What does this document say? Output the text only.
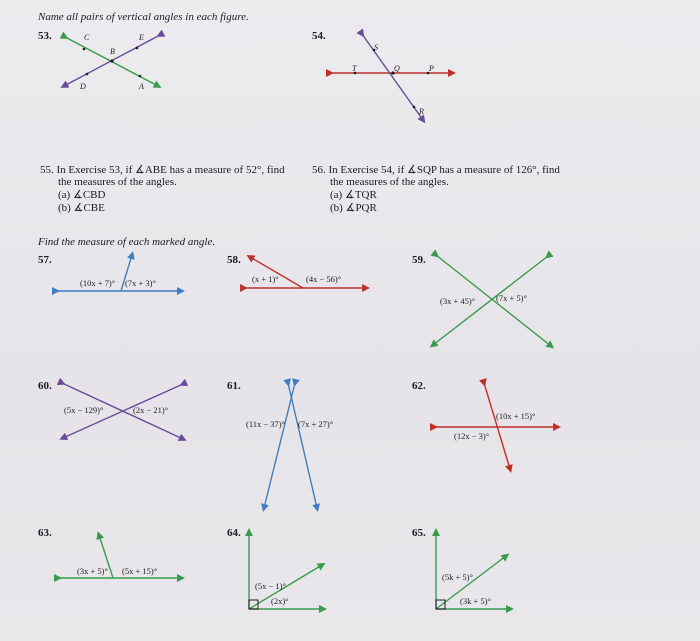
Name all pairs of vertical angles in each figure.
53.	C	E
B
D	A
54.
S
T	Q	P
R
55. In Exercise 53, if ∡ABE has a measure of 52°, find
the measures of the angles.
(a) ∡CBD
(b) ∡CBE
56. In Exercise 54, if ∡SQP has a measure of 126°, find
the measures of the angles.
(a) ∡TQR
(b) ∡PQR
Find the measure of each marked angle.
57.
(10x + 7)° (7x + 3)°
58.
(x + 1)°	(4x − 56)°
59.
(3x + 45)° (7x + 5)°
60.
(5x − 129)°	(2x − 21)°
61.
(11x − 37)° (7x + 27)°
62.
(10x + 15)°
(12x − 3)°
63.
(3x + 5)° (5x + 15)°
64.
(5x − 1)°
(2x)°
65.
(5k + 5)°
(3k + 5)°
